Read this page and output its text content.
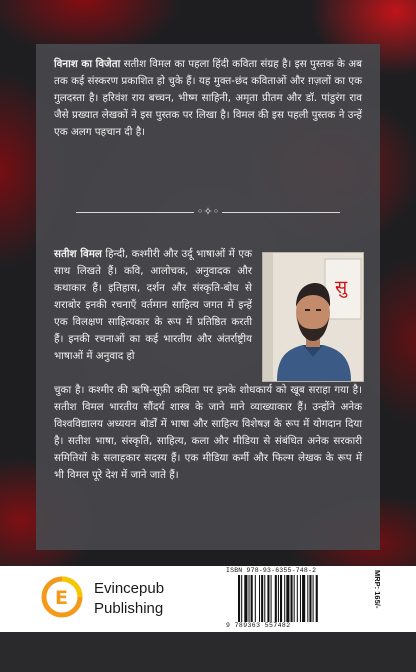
विनाश का विजेता सतीश विमल का पहला हिंदी कविता संग्रह है। इस पुस्तक के अब तक कई संस्करण प्रकाशित हो चुके हैं। यह मुक्त-छंद कविताओं और ग़ज़लों का एक गुलदस्ता है। हरिवंश राय बच्चन, भीष्म साहिनी, अमृता प्रीतम और डॉ. पांडुरंग राव जैसे प्रख्यात लेखकों ने इस पुस्तक पर लिखा है। विमल की इस पहली पुस्तक ने उन्हें एक अलग पहचान दी है।
◦✧◦
सतीश विमल हिन्दी, कश्मीरी और उर्दू भाषाओं में एक साथ लिखते हैं। कवि, आलोचक, अनुवादक और कथाकार हैं। इतिहास, दर्शन और संस्कृति-बोध से शराबोर इनकी रचनाएँ वर्तमान साहित्य जगत में इन्हें एक विलक्षण साहित्यकार के रूप में प्रतिष्ठित करती हैं। इनकी रचनाओं का कई भारतीय और अंतर्राष्ट्रीय भाषाओं में अनुवाद हो
सु
चुका है। कश्मीर की ऋषि-सूफ़ी कविता पर इनके शोधकार्य को खूब सराहा गया है। सतीश विमल भारतीय सौंदर्य शास्त्र के जाने माने व्याख्याकार हैं। उन्होंने अनेक विश्वविद्यालय अध्ययन बोर्डों में भाषा और साहित्य विशेषज्ञ के रूप में योगदान दिया है। सतीश भाषा, संस्कृति, साहित्य, कला और मीडिया से संबंधित अनेक सरकारी समितियों के सलाहकार सदस्य हैं। एक मीडिया कर्मी और फिल्म लेखक के रूप में भी विमल पूरे देश में जाने जाते हैं।
E Evincepub
Publishing
ISBN 978-93-6355-748-2
9 789363 557482
MRP: 165/-
